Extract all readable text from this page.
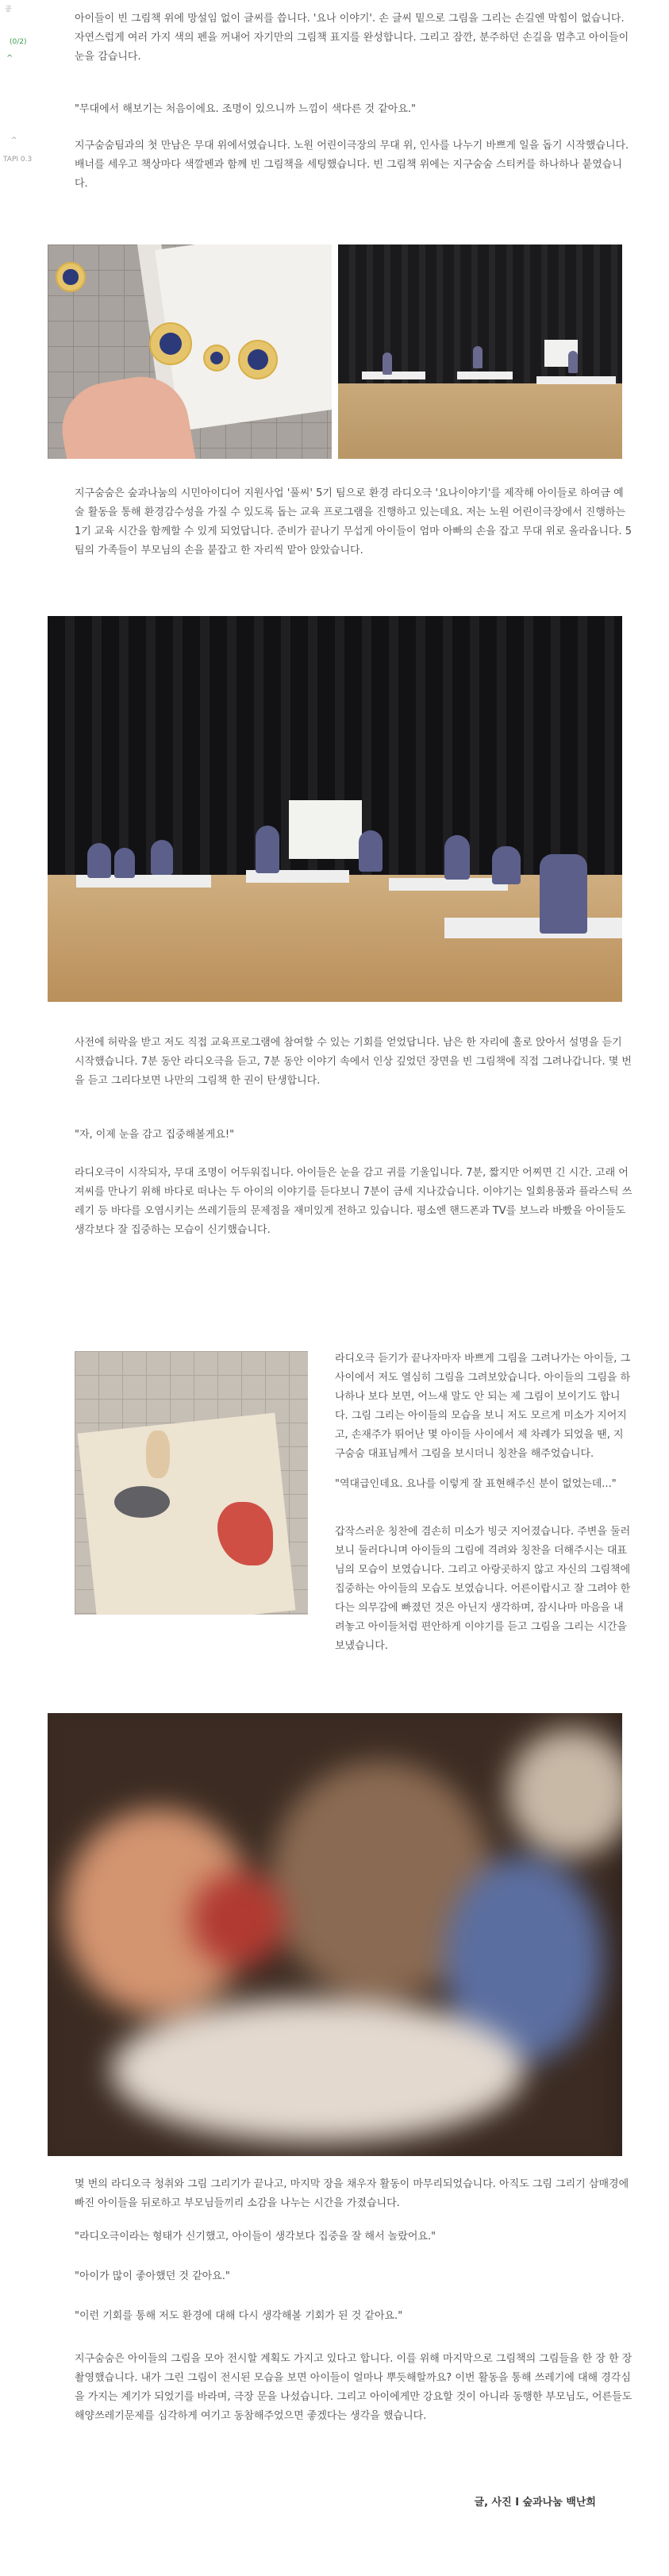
공
(0/2)
^
^
TAPI 0.3

아이들이 빈 그림책 위에 망설임 없이 글씨를 씁니다. '요나 이야기'. 손 글씨 밑으로 그림을 그리는 손길엔 막힘이 없습니다. 자연스럽게 여러 가지 색의 펜을 꺼내어 자기만의 그림책 표지를 완성합니다. 그리고 잠깐, 분주하던 손길을 멈추고 아이들이 눈을 감습니다.

"무대에서 해보기는 처음이에요. 조명이 있으니까 느낌이 색다른 것 같아요."

지구숨숨팀과의 첫 만남은 무대 위에서였습니다. 노원 어린이극장의 무대 위, 인사를 나누기 바쁘게 일을 돕기 시작했습니다. 배너를 세우고 책상마다 색깔펜과 함께 빈 그림책을 세팅했습니다. 빈 그림책 위에는 지구숨숨 스티커를 하나하나 붙였습니다.

지구숨숨은 숲과나눔의 시민아이디어 지원사업 '풀씨' 5기 팀으로 환경 라디오극 '요나이야기'를 제작해 아이들로 하여금 예술 활동을 통해 환경감수성을 가질 수 있도록 돕는 교육 프로그램을 진행하고 있는데요. 저는 노원 어린이극장에서 진행하는 1기 교육 시간을 함께할 수 있게 되었답니다. 준비가 끝나기 무섭게 아이들이 엄마 아빠의 손을 잡고 무대 위로 올라옵니다. 5팀의 가족들이 부모님의 손을 붙잡고 한 자리씩 맡아 앉았습니다.

사전에 허락을 받고 저도 직접 교육프로그램에 참여할 수 있는 기회를 얻었답니다. 남은 한 자리에 홀로 앉아서 설명을 듣기 시작했습니다. 7분 동안 라디오극을 듣고, 7분 동안 이야기 속에서 인상 깊었던 장면을 빈 그림책에 직접 그려나갑니다. 몇 번을 듣고 그리다보면 나만의 그림책 한 권이 탄생합니다.

"자, 이제 눈을 감고 집중해볼게요!"

라디오극이 시작되자, 무대 조명이 어두워집니다. 아이들은 눈을 감고 귀를 기울입니다. 7분, 짧지만 어찌면 긴 시간. 고래 어져씨를 만나기 위해 바다로 떠나는 두 아이의 이야기를 듣다보니 7분이 금세 지나갔습니다. 이야기는 일회용품과 플라스틱 쓰레기 등 바다를 오염시키는 쓰레기들의 문제점을 재미있게 전하고 있습니다. 평소엔 핸드폰과 TV를 보느라 바빴을 아이들도 생각보다 잘 집중하는 모습이 신기했습니다.

라디오극 듣기가 끝나자마자 바쁘게 그림을 그려나가는 아이들, 그 사이에서 저도 열심히 그림을 그려보았습니다. 아이들의 그림을 하나하나 보다 보면, 어느새 말도 안 되는 제 그림이 보이기도 합니다. 그림 그리는 아이들의 모습을 보니 저도 모르게 미소가 지어지고, 손재주가 뛰어난 몇 아이들 사이에서 제 차례가 되었을 땐, 지구숨숨 대표님께서 그림을 보시더니 칭찬을 해주었습니다.

"역대급인데요. 요나를 이렇게 잘 표현해주신 분이 없었는데..."

갑작스러운 칭찬에 겸손히 미소가 빙긋 지어졌습니다. 주변을 둘러보니 둘러다니며 아이들의 그림에 격려와 칭찬을 더해주시는 대표님의 모습이 보였습니다. 그리고 아랑곳하지 않고 자신의 그림책에 집중하는 아이들의 모습도 보였습니다. 어른이랍시고 잘 그려야 한다는 의무감에 빠졌던 것은 아닌지 생각하며, 잠시나마 마음을 내려놓고 아이들처럼 편안하게 이야기를 듣고 그림을 그리는 시간을 보냈습니다.

몇 번의 라디오극 청취와 그림 그리기가 끝나고, 마지막 장을 채우자 활동이 마무리되었습니다. 아직도 그림 그리기 삼매경에 빠진 아이들을 뒤로하고 부모님들끼리 소감을 나누는 시간을 가졌습니다.

"라디오극이라는 형태가 신기했고, 아이들이 생각보다 집중을 잘 해서 놀랐어요."

"아이가 많이 좋아했던 것 같아요."

"이런 기회를 통해 저도 환경에 대해 다시 생각해볼 기회가 된 것 같아요."

지구숨숨은 아이들의 그림을 모아 전시할 계획도 가지고 있다고 합니다. 이를 위해 마지막으로 그림책의 그림들을 한 장 한 장 촬영했습니다. 내가 그린 그림이 전시된 모습을 보면 아이들이 얼마나 뿌듯해할까요? 이번 활동을 통해 쓰레기에 대해 경각심을 가지는 계기가 되었기를 바라며, 극장 문을 나섰습니다. 그리고 아이에게만 강요할 것이 아니라 동행한 부모님도, 어른들도 해양쓰레기문제를 심각하게 여기고 동참해주었으면 좋겠다는 생각을 했습니다.

글, 사진 I 숲과나눔 백난희
